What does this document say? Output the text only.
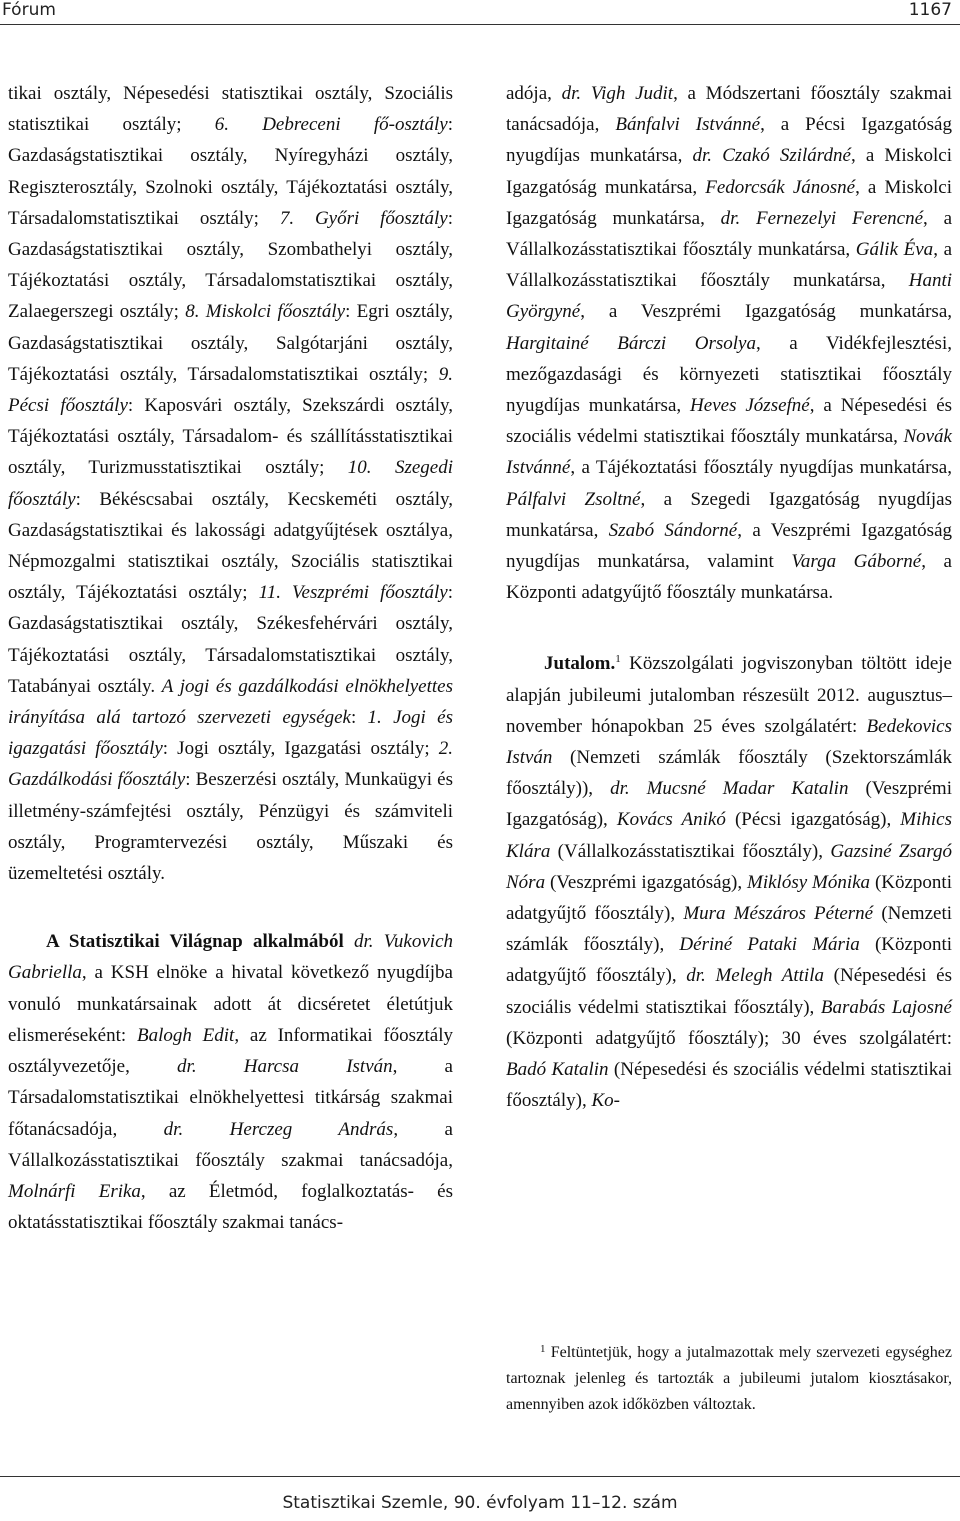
Fórum	1167

tikai osztály, Népesedési statisztikai osztály, Szociális statisztikai osztály; 6. Debreceni fő-osztály: Gazdaságstatisztikai osztály, Nyíregyházi osztály, Regiszterosztály, Szolnoki osztály, Tájékoztatási osztály, Társadalomstatisztikai osztály; 7. Győri főosztály: Gazdaságstatisztikai osztály, Szombathelyi osztály, Tájékoztatási osztály, Társadalomstatisztikai osztály, Zalaegerszegi osztály; 8. Miskolci főosztály: Egri osztály, Gazdaságstatisztikai osztály, Salgótarjáni osztály, Tájékoztatási osztály, Társadalomstatisztikai osztály; 9. Pécsi főosztály: Kaposvári osztály, Szekszárdi osztály, Tájékoztatási osztály, Társadalom- és szállításstatisztikai osztály, Turizmusstatisztikai osztály; 10. Szegedi főosztály: Békéscsabai osztály, Kecskeméti osztály, Gazdaságstatisztikai és lakossági adatgyűjtések osztálya, Népmozgalmi statisztikai osztály, Szociális statisztikai osztály, Tájékoztatási osztály; 11. Veszprémi főosztály: Gazdaságstatisztikai osztály, Székesfehérvári osztály, Tájékoztatási osztály, Társadalomstatisztikai osztály, Tatabányai osztály. A jogi és gazdálkodási elnökhelyettes irányítása alá tartozó szervezeti egységek: 1. Jogi és igazgatási főosztály: Jogi osztály, Igazgatási osztály; 2. Gazdálkodási főosztály: Beszerzési osztály, Munkaügyi és illetmény-számfejtési osztály, Pénzügyi és számviteli osztály, Programtervezési osztály, Műszaki és üzemeltetési osztály.

A Statisztikai Világnap alkalmából dr. Vukovich Gabriella, a KSH elnöke a hivatal következő nyugdíjba vonuló munkatársainak adott át dicséretet életútjuk elismeréseként: Balogh Edit, az Informatikai főosztály osztályvezetője, dr. Harcsa István, a Társadalomstatisztikai elnökhelyettesi titkárság szakmai főtanácsadója, dr. Herczeg András, a Vállalkozásstatisztikai főosztály szakmai tanácsadója, Molnárfi Erika, az Életmód, foglalkoztatás- és oktatásstatisztikai főosztály szakmai tanács-

adója, dr. Vigh Judit, a Módszertani főosztály szakmai tanácsadója, Bánfalvi Istvánné, a Pécsi Igazgatóság nyugdíjas munkatársa, dr. Czakó Szilárdné, a Miskolci Igazgatóság munkatársa, Fedorcsák Jánosné, a Miskolci Igazgatóság munkatársa, dr. Fernezelyi Ferencné, a Vállalkozásstatisztikai főosztály munkatársa, Gálik Éva, a Vállalkozásstatisztikai főosztály munkatársa, Hanti Györgyné, a Veszprémi Igazgatóság munkatársa, Hargitainé Bárczi Orsolya, a Vidékfejlesztési, mezőgazdasági és környezeti statisztikai főosztály nyugdíjas munkatársa, Heves Józsefné, a Népesedési és szociális védelmi statisztikai főosztály munkatársa, Novák Istvánné, a Tájékoztatási főosztály nyugdíjas munkatársa, Pálfalvi Zsoltné, a Szegedi Igazgatóság nyugdíjas munkatársa, Szabó Sándorné, a Veszprémi Igazgatóság nyugdíjas munkatársa, valamint Varga Gáborné, a Központi adatgyűjtő főosztály munkatársa.

Jutalom.$^1$ Közszolgálati jogviszonyban töltött ideje alapján jubileumi jutalomban részesült 2012. augusztus–november hónapokban 25 éves szolgálatért: Bedekovics István (Nemzeti számlák főosztály (Szektorszámlák főosztály)), dr. Mucsné Madar Katalin (Veszprémi Igazgatóság), Kovács Anikó (Pécsi igazgatóság), Mihics Klára (Vállalkozásstatisztikai főosztály), Gazsiné Zsargó Nóra (Veszprémi igazgatóság), Miklósy Mónika (Központi adatgyűjtő főosztály), Mura Mészáros Péterné (Nemzeti számlák főosztály), Dériné Pataki Mária (Központi adatgyűjtő főosztály), dr. Melegh Attila (Népesedési és szociális védelmi statisztikai főosztály), Barabás Lajosné (Központi adatgyűjtő főosztály); 30 éves szolgálatért: Badó Katalin (Népesedési és szociális védelmi statisztikai főosztály), Ko-

$^1$ Feltüntetjük, hogy a jutalmazottak mely szervezeti egységhez tartoznak jelenleg és tartozták a jubileumi jutalom kiosztásakor, amennyiben azok időközben változtak.
Statisztikai Szemle, 90. évfolyam 11–12. szám
